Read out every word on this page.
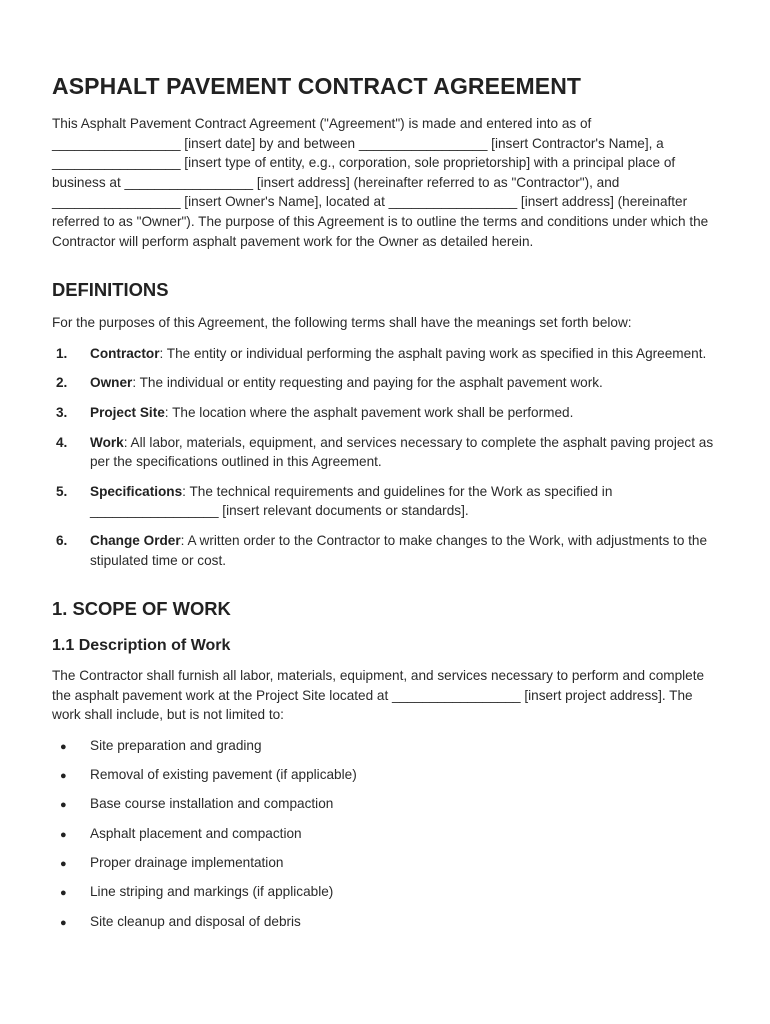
ASPHALT PAVEMENT CONTRACT AGREEMENT

This Asphalt Pavement Contract Agreement ("Agreement") is made and entered into as of _________________ [insert date] by and between _________________ [insert Contractor's Name], a _________________ [insert type of entity, e.g., corporation, sole proprietorship] with a principal place of business at _________________ [insert address] (hereinafter referred to as "Contractor"), and _________________ [insert Owner's Name], located at _________________ [insert address] (hereinafter referred to as "Owner"). The purpose of this Agreement is to outline the terms and conditions under which the Contractor will perform asphalt pavement work for the Owner as detailed herein.

DEFINITIONS

For the purposes of this Agreement, the following terms shall have the meanings set forth below:

1. Contractor: The entity or individual performing the asphalt paving work as specified in this Agreement.
2. Owner: The individual or entity requesting and paying for the asphalt pavement work.
3. Project Site: The location where the asphalt pavement work shall be performed.
4. Work: All labor, materials, equipment, and services necessary to complete the asphalt paving project as per the specifications outlined in this Agreement.
5. Specifications: The technical requirements and guidelines for the Work as specified in _________________ [insert relevant documents or standards].
6. Change Order: A written order to the Contractor to make changes to the Work, with adjustments to the stipulated time or cost.
1. SCOPE OF WORK
1.1 Description of Work

The Contractor shall furnish all labor, materials, equipment, and services necessary to perform and complete the asphalt pavement work at the Project Site located at _________________ [insert project address]. The work shall include, but is not limited to:

● Site preparation and grading
● Removal of existing pavement (if applicable)
● Base course installation and compaction
● Asphalt placement and compaction
● Proper drainage implementation
● Line striping and markings (if applicable)
● Site cleanup and disposal of debris
